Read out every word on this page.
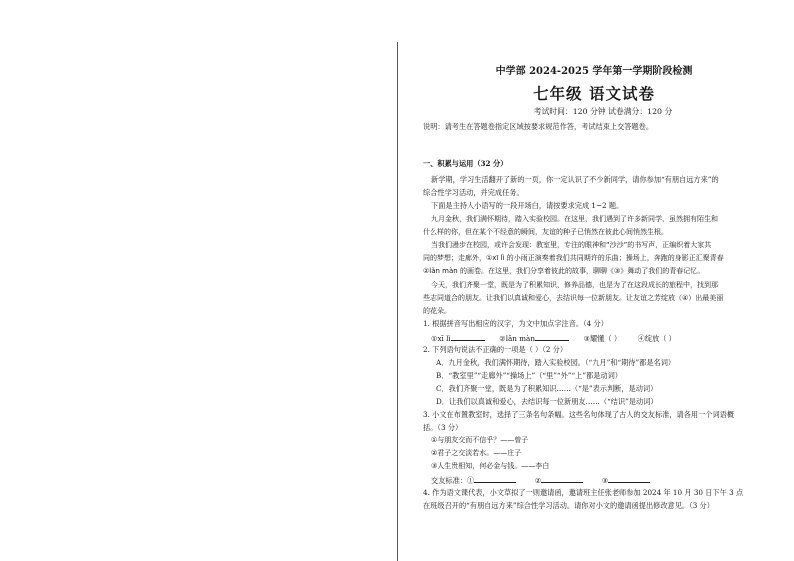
中学部 2024-2025 学年第一学期阶段检测
七年级 语文试卷
考试时间：120 分钟 试卷满分：120 分
说明：请考生在答题卷指定区域按要求规范作答，考试结束上交答题卷。
一、积累与运用（32 分）
新学期，学习生活翻开了新的一页，你一定认识了不少新同学，请你参加“有朋自远方来”的
综合性学习活动，并完成任务。
下面是主持人小语写的一段开场白，请按要求完成 1~2 题。
九月金秋，我们满怀期待，踏入实验校园。在这里，我们遇到了许多新同学，虽然拥有陌生和
什么样的你，但在某个不经意的瞬间，友谊的种子已悄然在彼此心间悄然生根。
当我们漫步在校园，或许会发现：教室里，专注的眼神和“沙沙”的书写声，正编织着大家共
同的梦想；走廊外，①xī lì 的小雨正演奏着我们共同期许的乐曲；操场上，奔跑的身影正汇聚青春
②lǎn màn 的画卷。在这里，我们分享着彼此的故事，聊聊《③》舞动了我们的青春记忆。
今天，我们齐聚一堂，既是为了积累知识，修养品德，也是为了在这段成长的旅程中，找到那
些志同道合的朋友。让我们以真诚和爱心，去结识每一位新朋友。让友谊之芳绽放（④）出最美丽
的花朵。
1. 根据拼音写出相应的汉字，为文中加点字注音。（4 分）
①xī lì	②lǎn màn	③耀懂（ ） ④绽放（ ）
2. 下列语句说法不正确的一项是（ ）（2 分）
A．九月金秋，我们满怀期待，踏入实验校园。（“九月”和“期待”都是名词）
B．“教室里”“走廊外”“操场上”（“里”“外”“上”都是动词）
C．我们齐聚一堂，既是为了积累知识……（“是”表示判断，是动词）
D．让我们以真诚和爱心，去结识每一位新朋友……（“结识”是动词）
3. 小文在布置教室时，选择了三条名句条幅。这些名句体现了古人的交友标准，请各用一个词语概
括。（3 分）
①与朋友交而不信乎？——曾子
②君子之交淡若水。——庄子
③人生贵相知，何必金与钱。——李白
交友标准：①	②	③
4. 作为语文课代表，小文草拟了一则邀请函，邀请班主任张老师参加 2024 年 10 月 30 日下午 3 点
在班级召开的“有朋自远方来”综合性学习活动。请你对小文的邀请函提出修改意见。（3 分）
